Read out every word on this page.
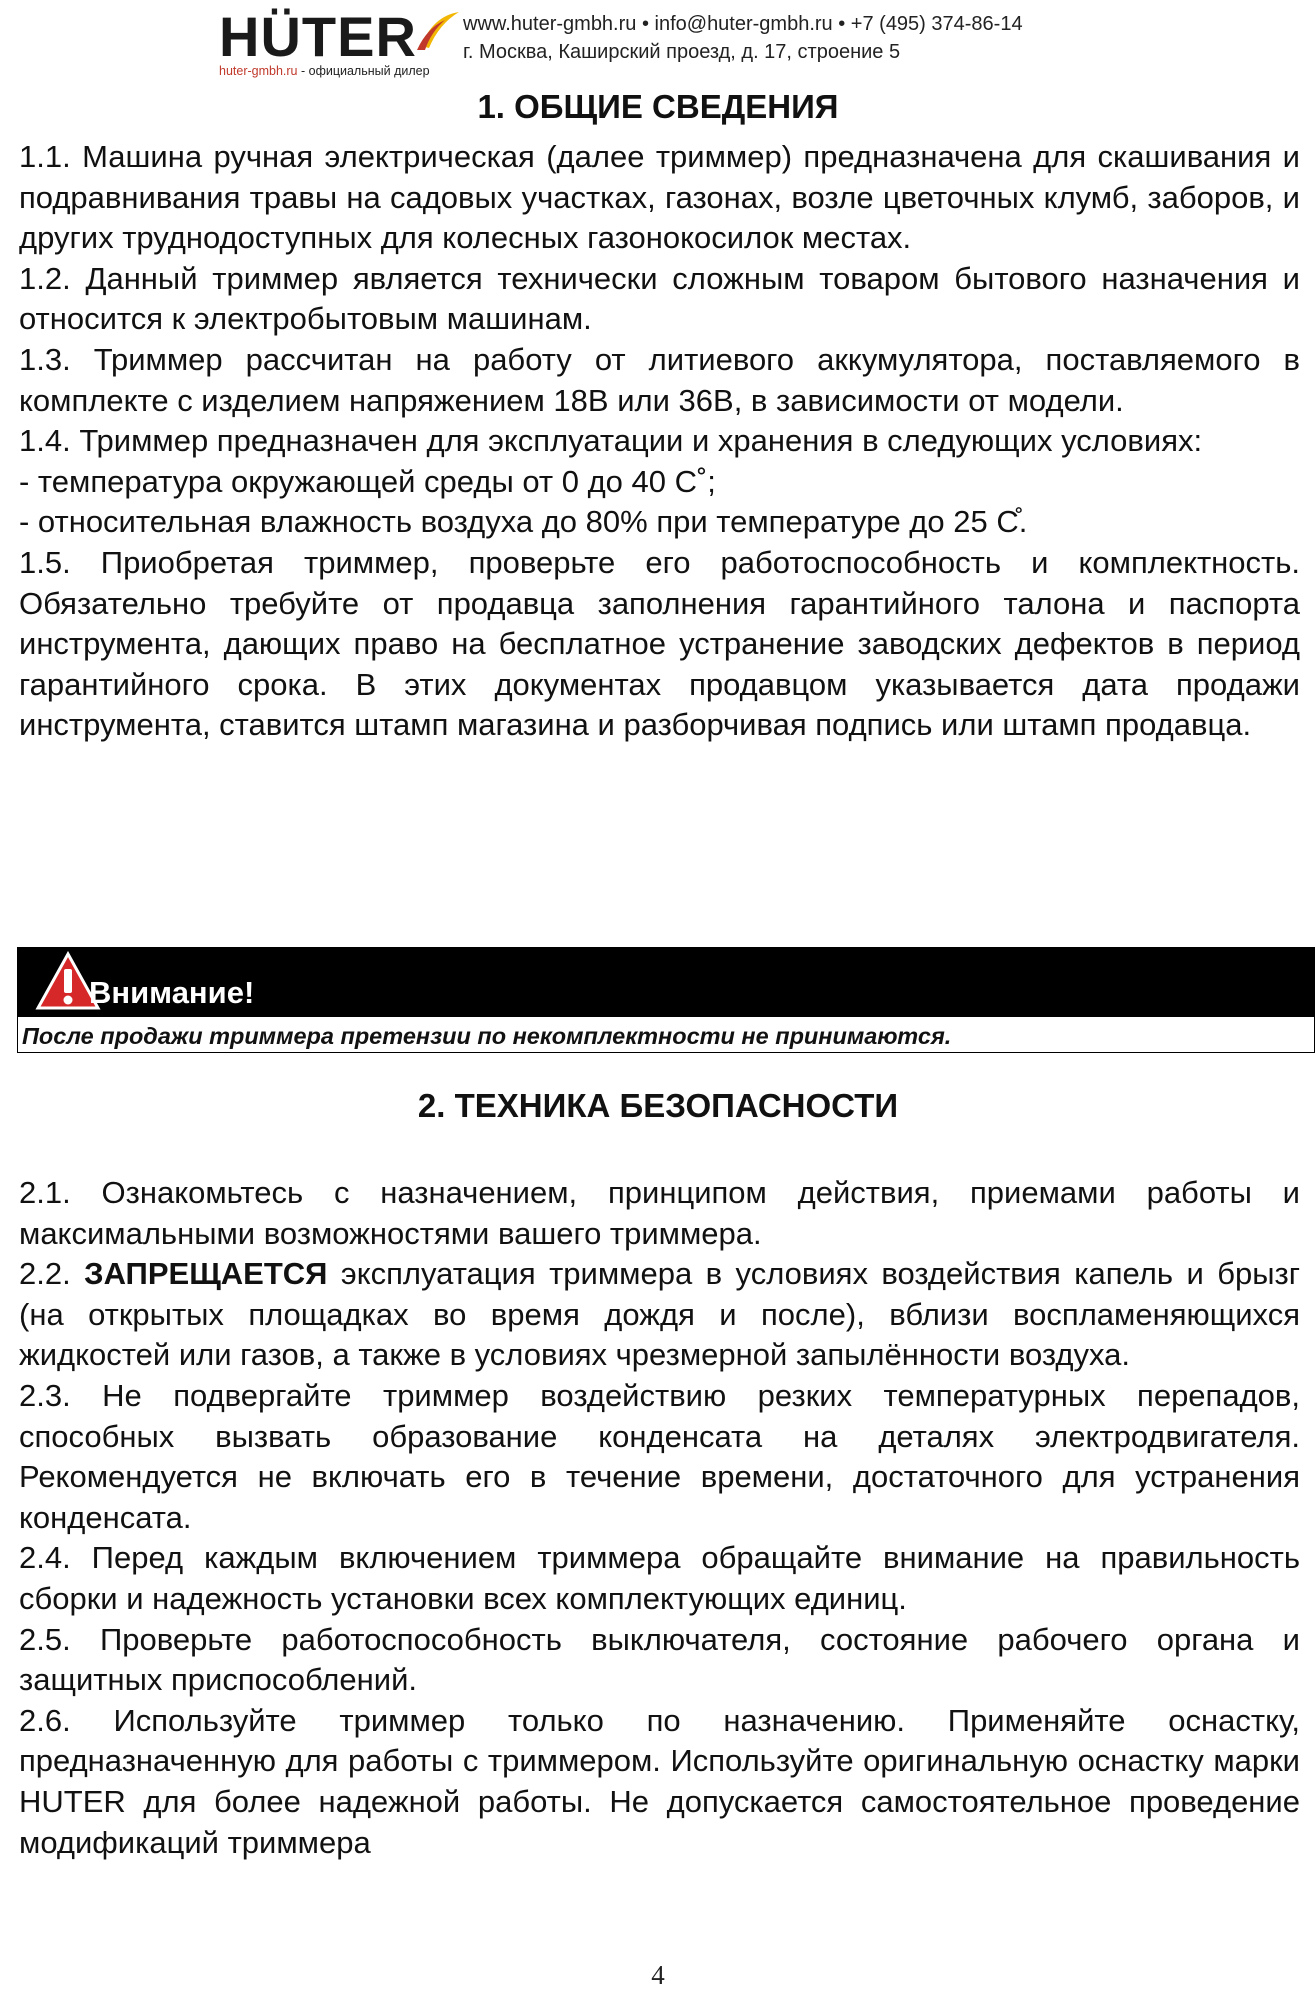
HÜTER
huter-gmbh.ru - официальный дилер
www.huter-gmbh.ru • info@huter-gmbh.ru • +7 (495) 374-86-14
г. Москва, Каширский проезд, д. 17, строение 5
1. ОБЩИЕ СВЕДЕНИЯ
1.1. Машина ручная электрическая (далее триммер) предназначена для скашивания и подравнивания травы на садовых участках, газонах, возле цветочных клумб, заборов, и других труднодоступных для колесных газонокосилок местах.
1.2. Данный триммер является технически сложным товаром бытового назначения и относится к электробытовым машинам.
1.3. Триммер рассчитан на работу от литиевого аккумулятора, поставляемого в комплекте с изделием напряжением 18В или 36В, в зависимости от модели.
1.4. Триммер предназначен для эксплуатации и хранения в следующих условиях:
- температура окружающей среды от 0 до 40 С˚;
- относительная влажность воздуха до 80% при температуре до 25 С̊.
1.5. Приобретая триммер, проверьте его работоспособность и комплектность. Обязательно требуйте от продавца заполнения гарантийного талона и паспорта инструмента, дающих право на бесплатное устранение заводских дефектов в период гарантийного срока. В этих документах продавцом указывается дата продажи инструмента, ставится штамп магазина и разборчивая подпись или штамп продавца.
Внимание!
После продажи триммера претензии по некомплектности не принимаются.
2. ТЕХНИКА БЕЗОПАСНОСТИ
2.1. Ознакомьтесь с назначением, принципом действия, приемами работы и максимальными возможностями вашего триммера.
2.2. ЗАПРЕЩАЕТСЯ эксплуатация триммера в условиях воздействия капель и брызг (на открытых площадках во время дождя и после), вблизи воспламеняющихся жидкостей или газов, а также в условиях чрезмерной запылённости воздуха.
2.3. Не подвергайте триммер воздействию резких температурных перепадов, способных вызвать образование конденсата на деталях электродвигателя. Рекомендуется не включать его в течение времени, достаточного для устранения конденсата.
2.4. Перед каждым включением триммера обращайте внимание на правильность сборки и надежность установки всех комплектующих единиц.
2.5. Проверьте работоспособность выключателя, состояние рабочего органа и защитных приспособлений.
2.6. Используйте триммер только по назначению. Применяйте оснастку, предназначенную для работы с триммером. Используйте оригинальную оснастку марки HUTER для более надежной работы. Не допускается самостоятельное проведение модификаций триммера
4
